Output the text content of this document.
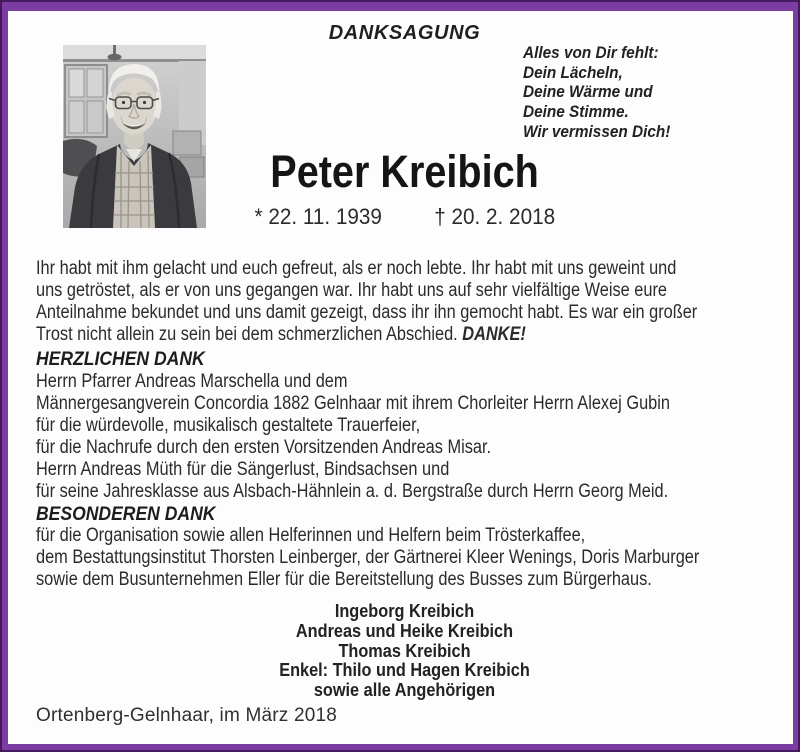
DANKSAGUNG
Alles von Dir fehlt:
Dein Lächeln,
Deine Wärme und
Deine Stimme.
Wir vermissen Dich!
Peter Kreibich
* 22. 11. 1939 † 20. 2. 2018
Ihr habt mit ihm gelacht und euch gefreut, als er noch lebte. Ihr habt mit uns geweint und
uns getröstet, als er von uns gegangen war. Ihr habt uns auf sehr vielfältige Weise eure
Anteilnahme bekundet und uns damit gezeigt, dass ihr ihn gemocht habt. Es war ein großer
Trost nicht allein zu sein bei dem schmerzlichen Abschied. DANKE!
HERZLICHEN DANK
Herrn Pfarrer Andreas Marschella und dem
Männergesangverein Concordia 1882 Gelnhaar mit ihrem Chorleiter Herrn Alexej Gubin
für die würdevolle, musikalisch gestaltete Trauerfeier,
für die Nachrufe durch den ersten Vorsitzenden Andreas Misar.
Herrn Andreas Müth für die Sängerlust, Bindsachsen und
für seine Jahresklasse aus Alsbach-Hähnlein a. d. Bergstraße durch Herrn Georg Meid.
BESONDEREN DANK
für die Organisation sowie allen Helferinnen und Helfern beim Trösterkaffee,
dem Bestattungsinstitut Thorsten Leinberger, der Gärtnerei Kleer Wenings, Doris Marburger
sowie dem Busunternehmen Eller für die Bereitstellung des Busses zum Bürgerhaus.
Ingeborg Kreibich
Andreas und Heike Kreibich
Thomas Kreibich
Enkel: Thilo und Hagen Kreibich
sowie alle Angehörigen
Ortenberg-Gelnhaar, im März 2018
